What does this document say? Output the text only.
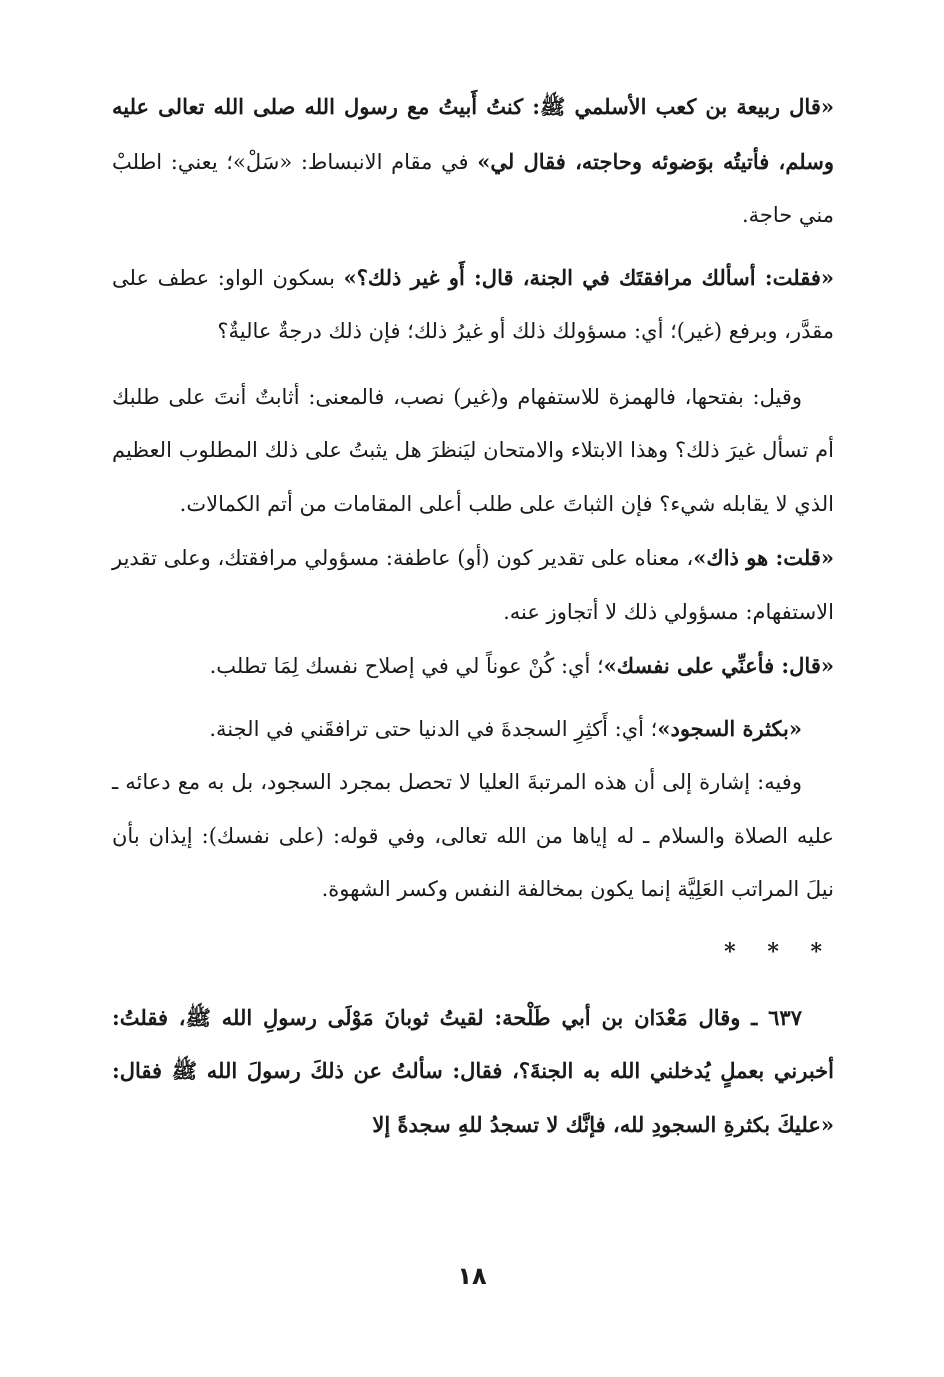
«قال ربيعة بن كعب الأسلمي ﷺ: كنتُ أَبيتُ مع رسول الله صلى الله تعالى عليه وسلم، فأتيتُه بوَضوئه وحاجته، فقال لي» في مقام الانبساط: «سَلْ»؛ يعني: اطلبْ مني حاجة.

«فقلت: أسألك مرافقتَك في الجنة، قال: أَو غير ذلك؟» بسكون الواو: عطف على مقدَّر، وبرفع (غير)؛ أي: مسؤولك ذلك أو غيرُ ذلك؛ فإن ذلك درجةٌ عاليةٌ؟

وقيل: بفتحها، فالهمزة للاستفهام و(غير) نصب، فالمعنى: أثابتٌ أنتَ على طلبك أم تسأل غيرَ ذلك؟ وهذا الابتلاء والامتحان ليَنظرَ هل يثبتُ على ذلك المطلوب العظيم الذي لا يقابله شيء؟ فإن الثباتَ على طلب أعلى المقامات من أتم الكمالات.

«قلت: هو ذاك»، معناه على تقدير كون (أو) عاطفة: مسؤولي مرافقتك، وعلى تقدير الاستفهام: مسؤولي ذلك لا أتجاوز عنه.

«قال: فأعنِّي على نفسك»؛ أي: كُنْ عوناً لي في إصلاح نفسك لِمَا تطلب.

«بكثرة السجود»؛ أي: أَكثِرِ السجدةَ في الدنيا حتى ترافقَني في الجنة.

وفيه: إشارة إلى أن هذه المرتبةَ العليا لا تحصل بمجرد السجود، بل به مع دعائه ـ عليه الصلاة والسلام ـ له إياها من الله تعالى، وفي قوله: (على نفسك): إيذان بأن نيلَ المراتب العَلِيَّة إنما يكون بمخالفة النفس وكسر الشهوة.

* * *

٦٣٧ ـ وقال مَعْدَان بن أبي طَلْحة: لقيتُ ثوبانَ مَوْلَى رسولِ الله ﷺ، فقلتُ: أخبرني بعملٍ يُدخلني الله به الجنةَ؟، فقال: سألتُ عن ذلكَ رسولَ الله ﷺ فقال: «عليكَ بكثرةِ السجودِ لله، فإنَّك لا تسجدُ للهِ سجدةً إلا

١٨
